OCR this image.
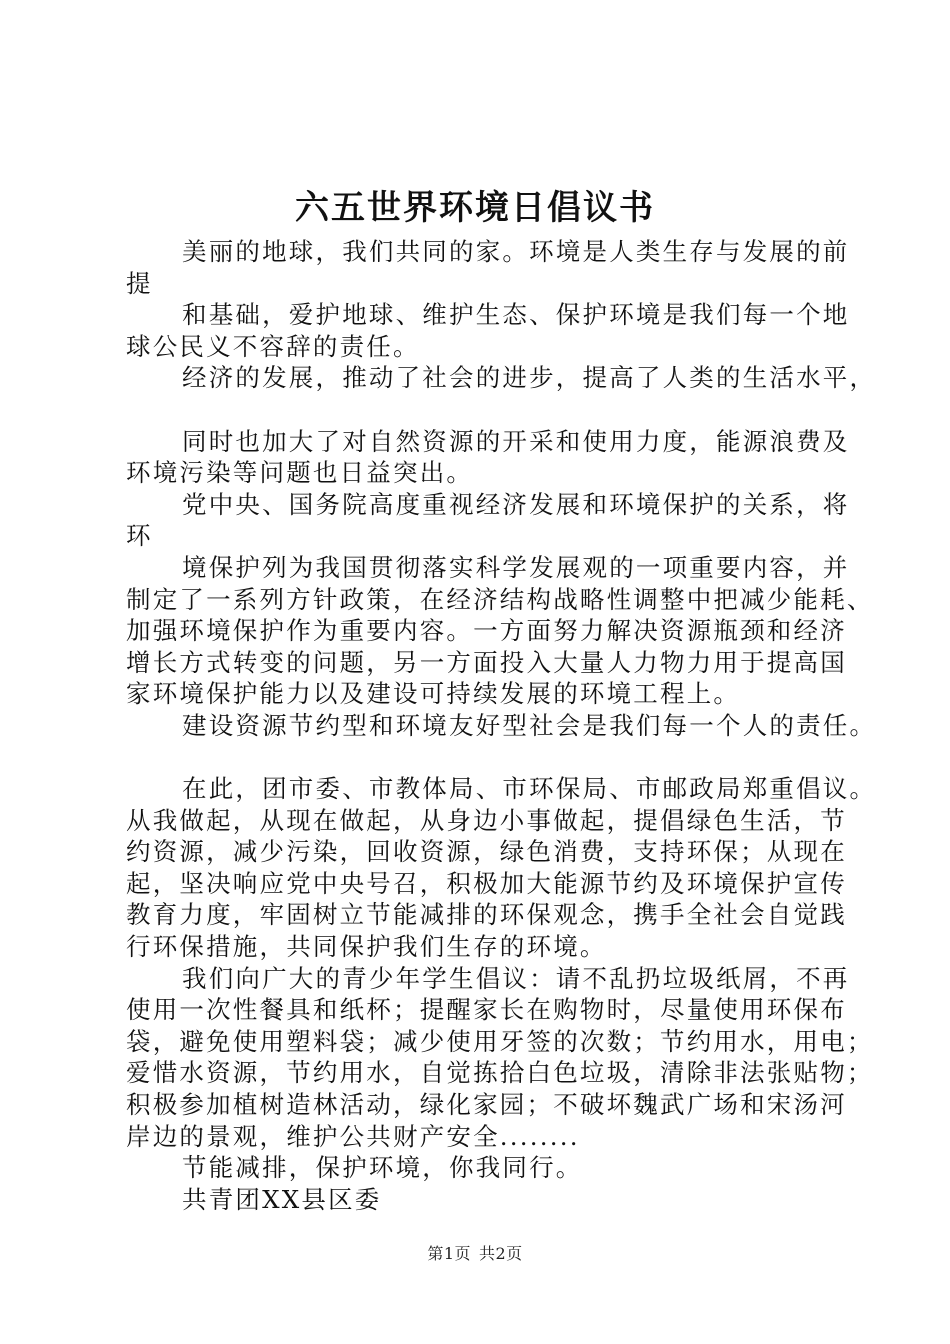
六五世界环境日倡议书
美丽的地球，我们共同的家。环境是人类生存与发展的前
提
和基础，爱护地球、维护生态、保护环境是我们每一个地
球公民义不容辞的责任。
经济的发展，推动了社会的进步，提高了人类的生活水平，
同时也加大了对自然资源的开采和使用力度，能源浪费及
环境污染等问题也日益突出。
党中央、国务院高度重视经济发展和环境保护的关系，将
环
境保护列为我国贯彻落实科学发展观的一项重要内容，并
制定了一系列方针政策，在经济结构战略性调整中把减少能耗、
加强环境保护作为重要内容。一方面努力解决资源瓶颈和经济
增长方式转变的问题，另一方面投入大量人力物力用于提高国
家环境保护能力以及建设可持续发展的环境工程上。
建设资源节约型和环境友好型社会是我们每一个人的责任。
在此，团市委、市教体局、市环保局、市邮政局郑重倡议。
从我做起，从现在做起，从身边小事做起，提倡绿色生活，节
约资源，减少污染，回收资源，绿色消费，支持环保；从现在
起，坚决响应党中央号召，积极加大能源节约及环境保护宣传
教育力度，牢固树立节能减排的环保观念，携手全社会自觉践
行环保措施，共同保护我们生存的环境。
我们向广大的青少年学生倡议：请不乱扔垃圾纸屑，不再
使用一次性餐具和纸杯；提醒家长在购物时，尽量使用环保布
袋，避免使用塑料袋；减少使用牙签的次数；节约用水，用电；
爱惜水资源，节约用水，自觉拣拾白色垃圾，清除非法张贴物；
积极参加植树造林活动，绿化家园；不破坏魏武广场和宋汤河
岸边的景观，维护公共财产安全........
节能减排，保护环境，你我同行。
共青团XX县区委
第1页 共2页
